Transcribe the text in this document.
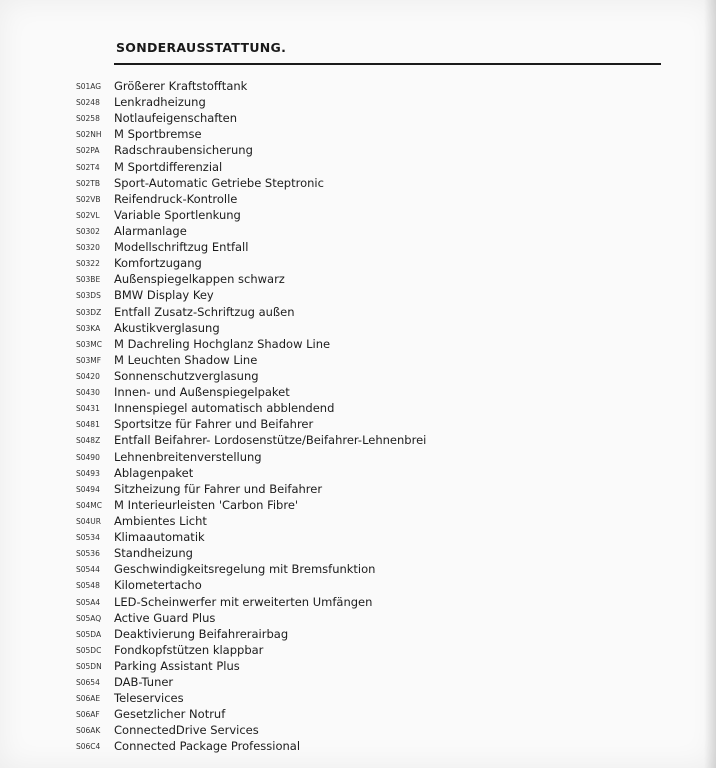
SONDERAUSSTATTUNG.
S01AG	Größerer Kraftstofftank
S0248	Lenkradheizung
S0258	Notlaufeigenschaften
S02NH	M Sportbremse
S02PA	Radschraubensicherung
S02T4	M Sportdifferenzial
S02TB	Sport-Automatic Getriebe Steptronic
S02VB	Reifendruck-Kontrolle
S02VL	Variable Sportlenkung
S0302	Alarmanlage
S0320	Modellschriftzug Entfall
S0322	Komfortzugang
S03BE	Außenspiegelkappen schwarz
S03DS	BMW Display Key
S03DZ	Entfall Zusatz-Schriftzug außen
S03KA	Akustikverglasung
S03MC	M Dachreling Hochglanz Shadow Line
S03MF	M Leuchten Shadow Line
S0420	Sonnenschutzverglasung
S0430	Innen- und Außenspiegelpaket
S0431	Innenspiegel automatisch abblendend
S0481	Sportsitze für Fahrer und Beifahrer
S048Z	Entfall Beifahrer- Lordosenstütze/Beifahrer-Lehnenbrei
S0490	Lehnenbreitenverstellung
S0493	Ablagenpaket
S0494	Sitzheizung für Fahrer und Beifahrer
S04MC	M Interieurleisten 'Carbon Fibre'
S04UR	Ambientes Licht
S0534	Klimaautomatik
S0536	Standheizung
S0544	Geschwindigkeitsregelung mit Bremsfunktion
S0548	Kilometertacho
S05A4	LED-Scheinwerfer mit erweiterten Umfängen
S05AQ	Active Guard Plus
S05DA	Deaktivierung Beifahrerairbag
S05DC	Fondkopfstützen klappbar
S05DN	Parking Assistant Plus
S0654	DAB-Tuner
S06AE	Teleservices
S06AF	Gesetzlicher Notruf
S06AK	ConnectedDrive Services
S06C4	Connected Package Professional
